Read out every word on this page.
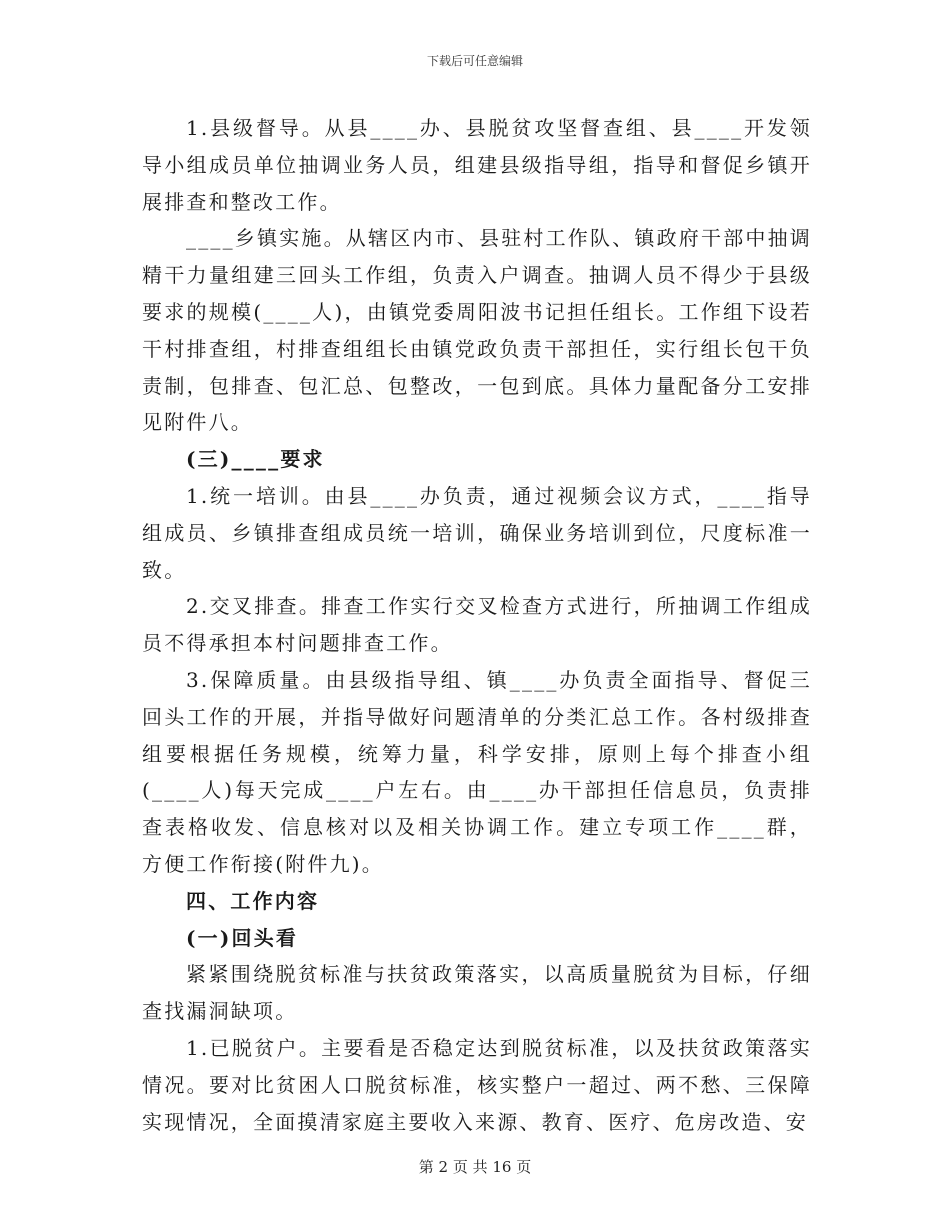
下载后可任意编辑

1.县级督导。从县____办、县脱贫攻坚督查组、县____开发领导小组成员单位抽调业务人员，组建县级指导组，指导和督促乡镇开展排查和整改工作。

____乡镇实施。从辖区内市、县驻村工作队、镇政府干部中抽调精干力量组建三回头工作组，负责入户调查。抽调人员不得少于县级要求的规模(____人)，由镇党委周阳波书记担任组长。工作组下设若干村排查组，村排查组组长由镇党政负责干部担任，实行组长包干负责制，包排查、包汇总、包整改，一包到底。具体力量配备分工安排见附件八。

(三)____要求

1.统一培训。由县____办负责，通过视频会议方式，____指导组成员、乡镇排查组成员统一培训，确保业务培训到位，尺度标准一致。

2.交叉排查。排查工作实行交叉检查方式进行，所抽调工作组成员不得承担本村问题排查工作。

3.保障质量。由县级指导组、镇____办负责全面指导、督促三回头工作的开展，并指导做好问题清单的分类汇总工作。各村级排查组要根据任务规模，统筹力量，科学安排，原则上每个排查小组(____人)每天完成____户左右。由____办干部担任信息员，负责排查表格收发、信息核对以及相关协调工作。建立专项工作____群，方便工作衔接(附件九)。

四、工作内容

(一)回头看

紧紧围绕脱贫标准与扶贫政策落实，以高质量脱贫为目标，仔细查找漏洞缺项。

1.已脱贫户。主要看是否稳定达到脱贫标准，以及扶贫政策落实情况。要对比贫困人口脱贫标准，核实整户一超过、两不愁、三保障实现情况，全面摸清家庭主要收入来源、教育、医疗、危房改造、安

第 2 页 共 16 页
